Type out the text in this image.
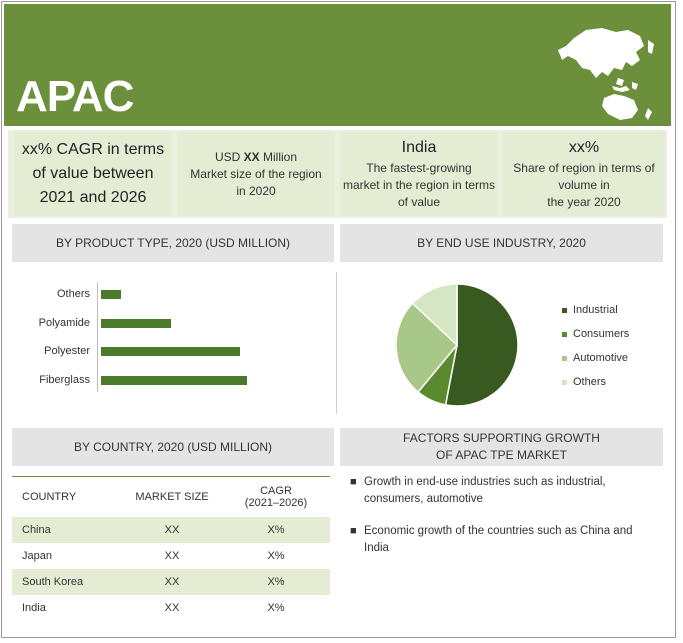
APAC
xx% CAGR in terms
of value between
2021 and 2026
USD XX Million
Market size of the region
in 2020
India
The fastest-growing
market in the region in terms
of value
xx%
Share of region in terms of
volume in
the year 2020
BY PRODUCT TYPE, 2020 (USD MILLION)	BY END USE INDUSTRY, 2020
Others
Polyamide
Polyester
Fiberglass
Industrial
Consumers
Automotive
Others
BY COUNTRY, 2020 (USD MILLION)
FACTORS SUPPORTING GROWTH
OF APAC TPE MARKET
COUNTRY	MARKET SIZE	CAGR
(2021–2026)

China	XX	X%
Japan	XX	X%
South Korea	XX	X%
India	XX	X%
■ Growth in end-use industries such as industrial,
consumers, automotive
■ Economic growth of the countries such as China and
India
